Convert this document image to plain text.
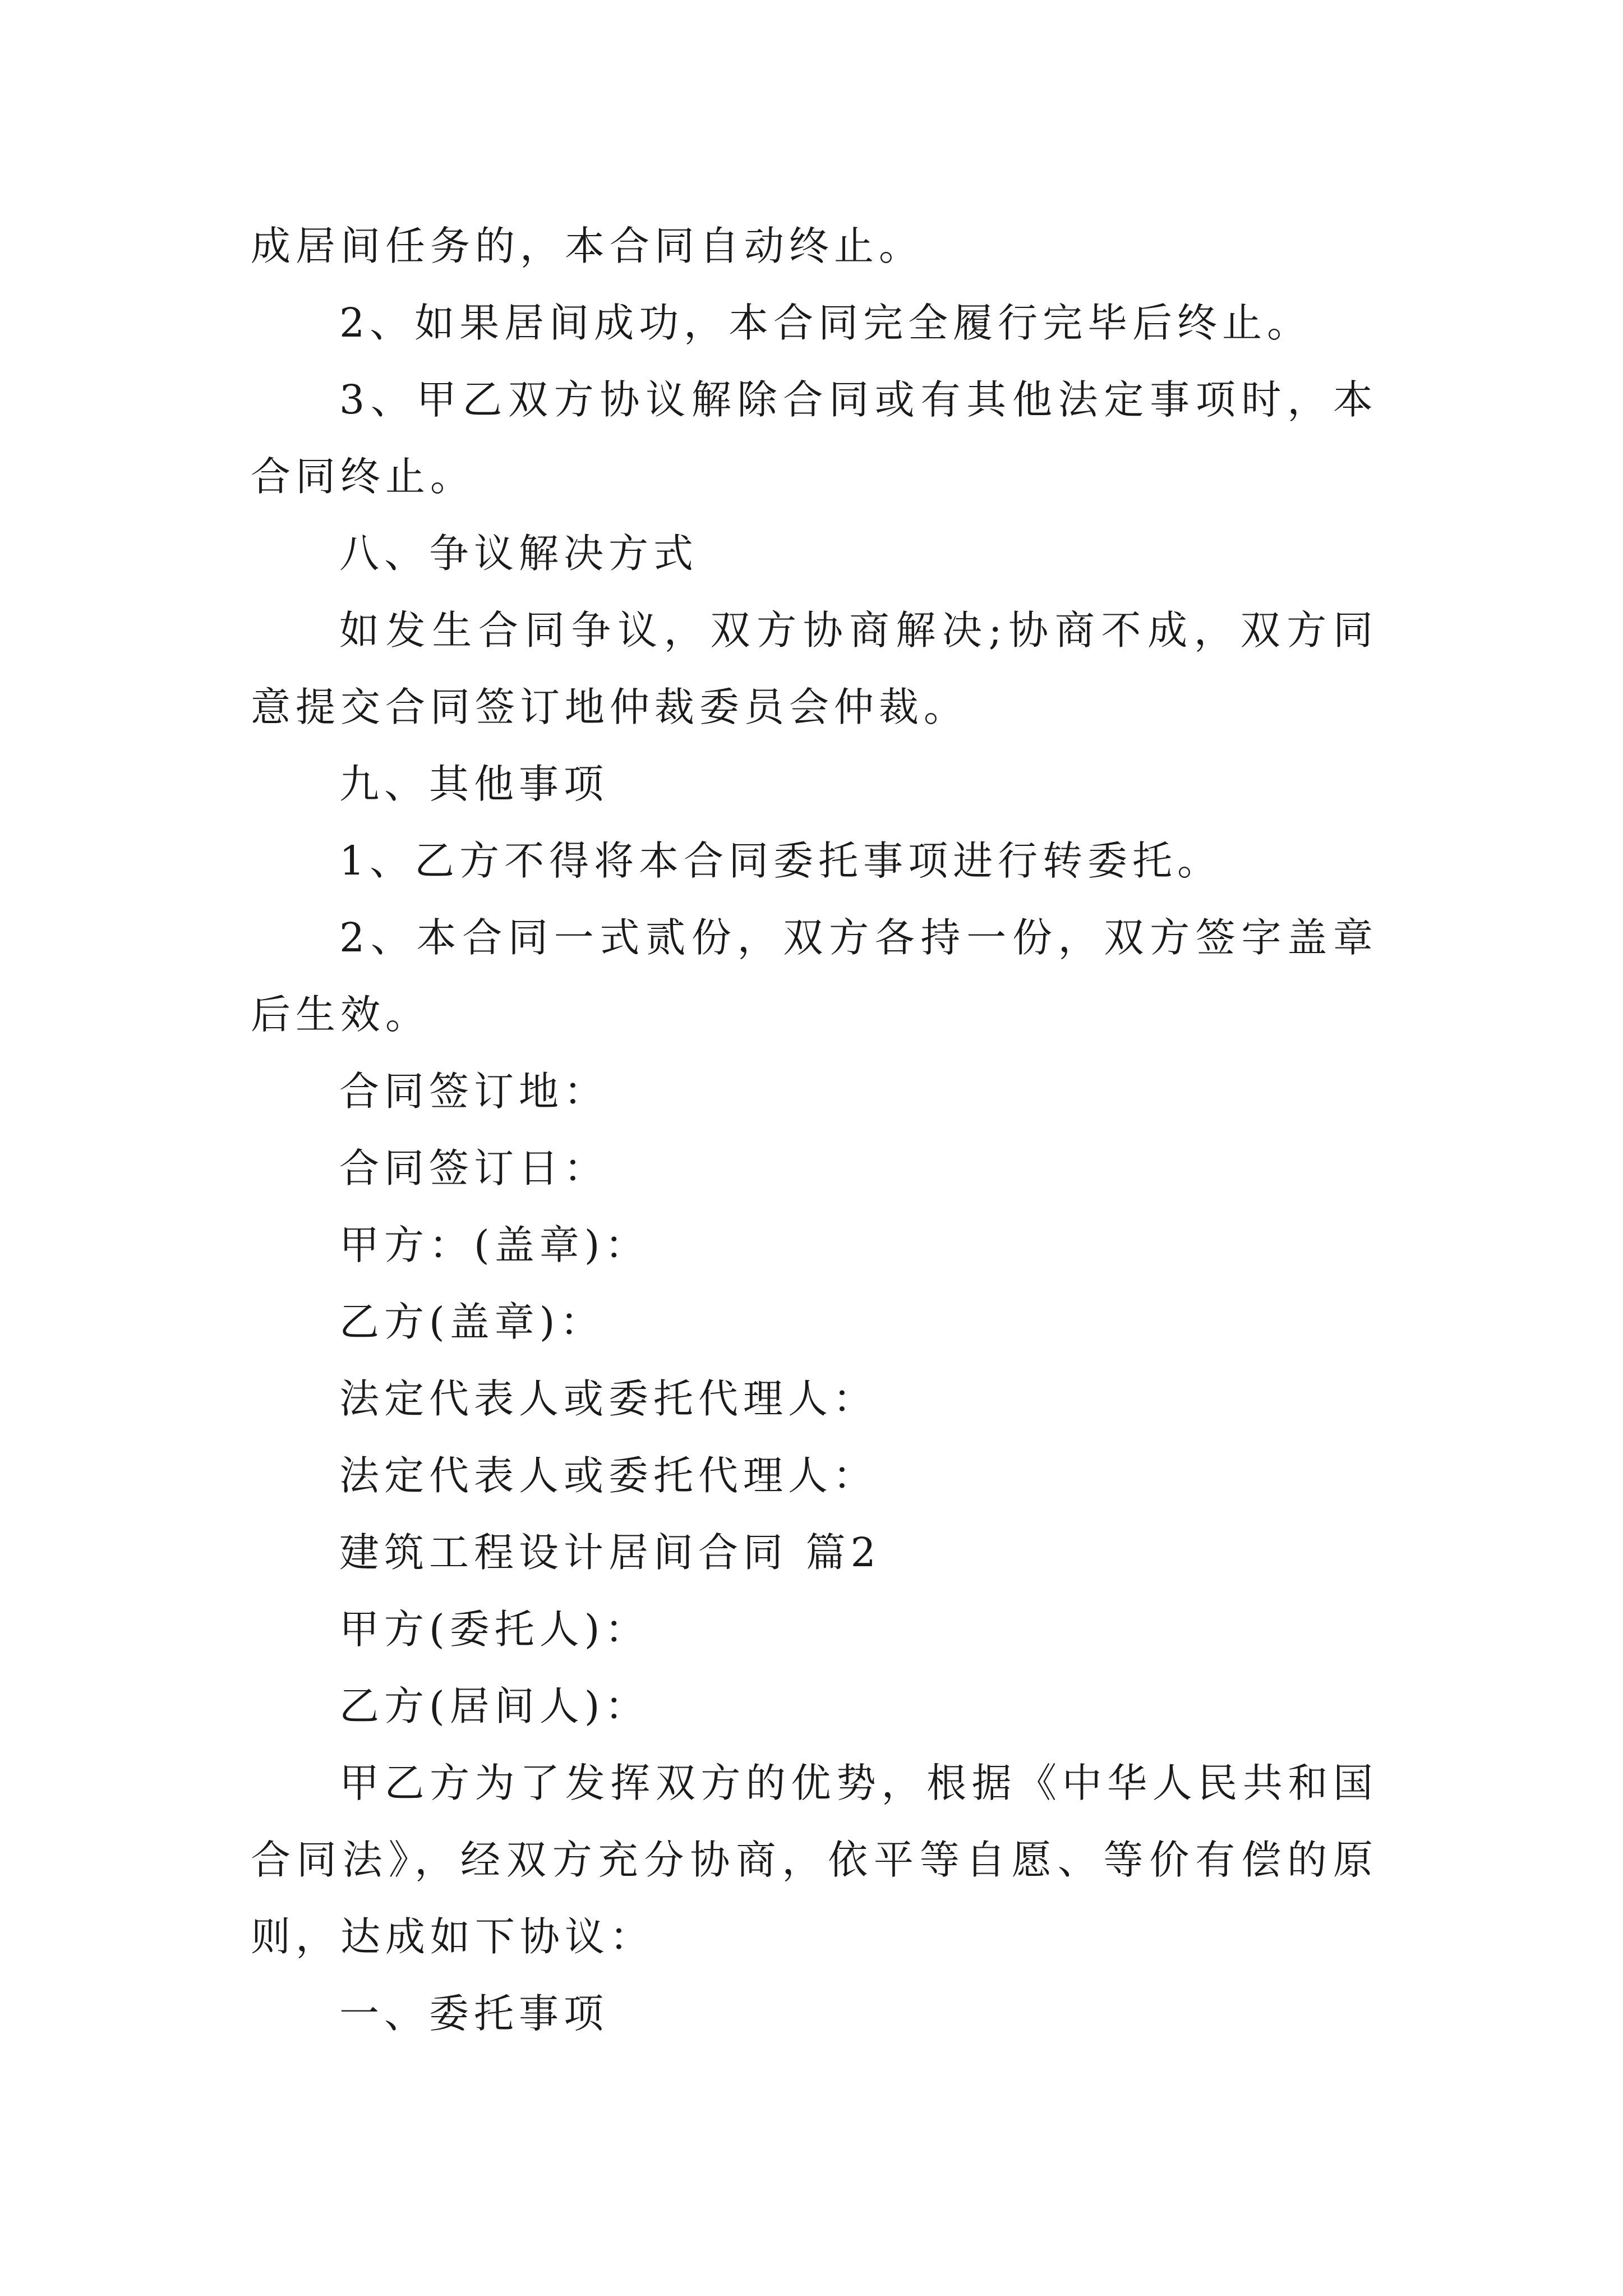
成居间任务的，本合同自动终止。

2、如果居间成功，本合同完全履行完毕后终止。

3、甲乙双方协议解除合同或有其他法定事项时，本合同终止。

八、争议解决方式

如发生合同争议，双方协商解决;协商不成，双方同意提交合同签订地仲裁委员会仲裁。

九、其他事项

1、乙方不得将本合同委托事项进行转委托。

2、本合同一式贰份，双方各持一份，双方签字盖章后生效。

合同签订地：

合同签订日：

甲方：(盖章)：

乙方(盖章)：

法定代表人或委托代理人：

法定代表人或委托代理人：

建筑工程设计居间合同 篇2

甲方(委托人)：

乙方(居间人)：

甲乙方为了发挥双方的优势，根据《中华人民共和国合同法》，经双方充分协商，依平等自愿、等价有偿的原则，达成如下协议：

一、委托事项
